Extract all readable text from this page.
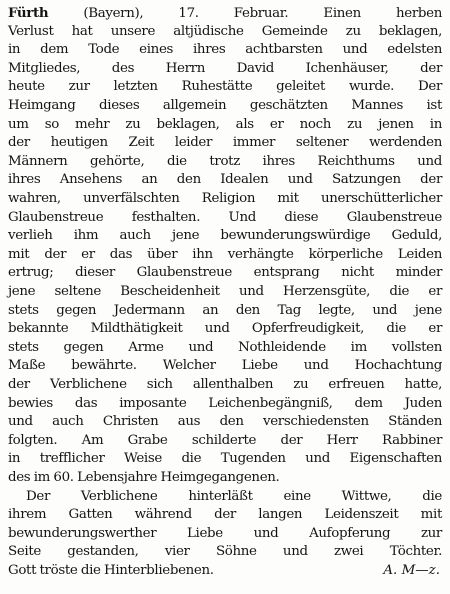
Fürth (Bayern), 17. Februar. Einen herben
Verlust hat unsere altjüdische Gemeinde zu beklagen,
in dem Tode eines ihres achtbarsten und edelsten
Mitgliedes, des Herrn David Ichenhäuser, der
heute zur letzten Ruhestätte geleitet wurde. Der
Heimgang dieses allgemein geschätzten Mannes ist
um so mehr zu beklagen, als er noch zu jenen in
der heutigen Zeit leider immer seltener werdenden
Männern gehörte, die trotz ihres Reichthums und
ihres Ansehens an den Idealen und Satzungen der
wahren, unverfälschten Religion mit unerschütterlicher
Glaubenstreue festhalten. Und diese Glaubenstreue
verlieh ihm auch jene bewunderungswürdige Geduld,
mit der er das über ihn verhängte körperliche Leiden
ertrug; dieser Glaubenstreue entsprang nicht minder
jene seltene Bescheidenheit und Herzensgüte, die er
stets gegen Jedermann an den Tag legte, und jene
bekannte Mildthätigkeit und Opferfreudigkeit, die er
stets gegen Arme und Nothleidende im vollsten
Maße bewährte. Welcher Liebe und Hochachtung
der Verblichene sich allenthalben zu erfreuen hatte,
bewies das imposante Leichenbegängniß, dem Juden
und auch Christen aus den verschiedensten Ständen
folgten. Am Grabe schilderte der Herr Rabbiner
in trefflicher Weise die Tugenden und Eigenschaften
des im 60. Lebensjahre Heimgegangenen.
Der Verblichene hinterläßt eine Wittwe, die
ihrem Gatten während der langen Leidenszeit mit
bewunderungswerther Liebe und Aufopferung zur
Seite gestanden, vier Söhne und zwei Töchter.
Gott tröste die Hinterbliebenen.	A. M—z.
